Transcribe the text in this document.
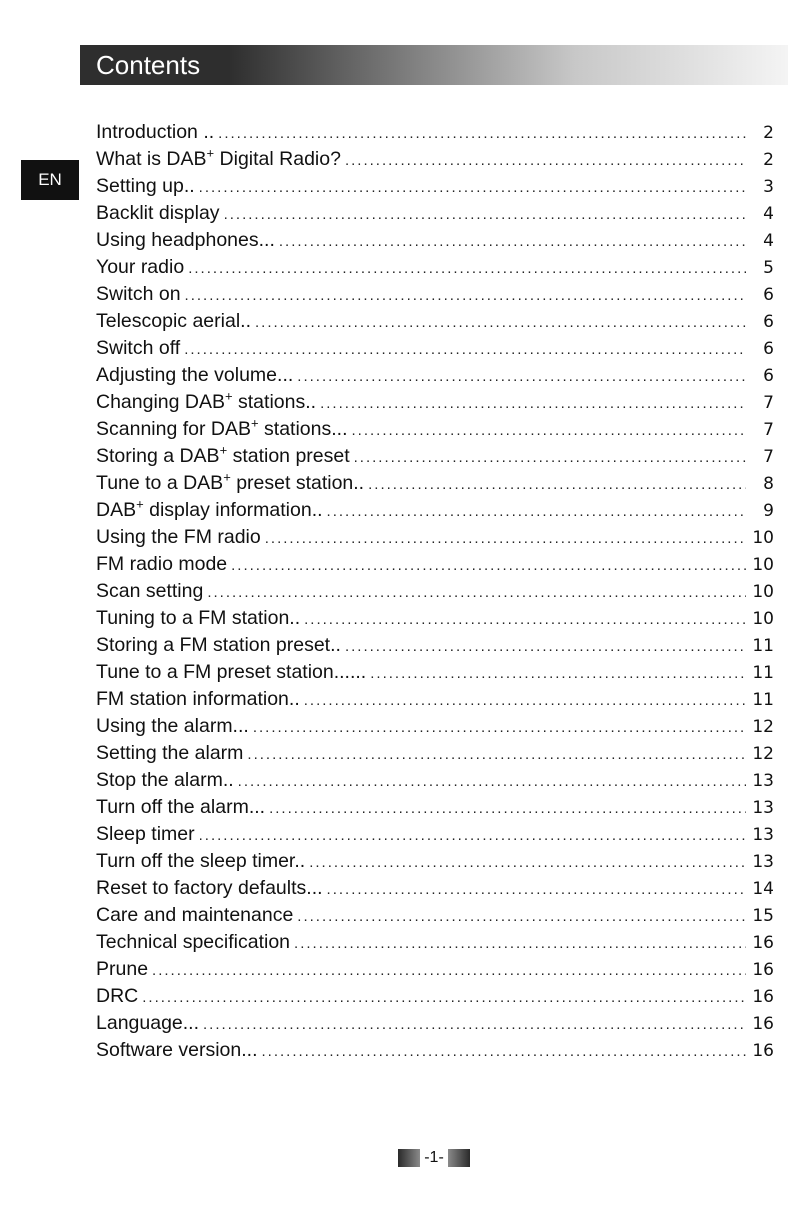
Contents
EN
Introduction .. .....	2
What is DAB+ Digital Radio? .....	2
Setting up.. .....	3
Backlit display .....	4
Using headphones... .....	4
Your radio .....	5
Switch on .....	6
Telescopic aerial.. .....	6
Switch off .....	6
Adjusting the volume... .....	6
Changing DAB+ stations.. .....	7
Scanning for DAB+ stations... .....	7
Storing a DAB+ station preset .....	7
Tune to a DAB+ preset station.. .....	8
DAB+ display information.. .....	9
Using the FM radio .....	10
FM radio mode .....	10
Scan setting .....	10
Tuning to a FM station.. .....	10
Storing a FM station preset.. .....	11
Tune to a FM preset station...... .....	11
FM station information.. .....	11
Using the alarm... .....	12
Setting the alarm .....	12
Stop the alarm.. .....	13
Turn off the alarm... .....	13
Sleep timer .....	13
Turn off the sleep timer.. .....	13
Reset to factory defaults... .....	14
Care and maintenance .....	15
Technical specification .....	16
Prune .....	16
DRC .....	16
Language... .....	16
Software version... .....	16
-1-
